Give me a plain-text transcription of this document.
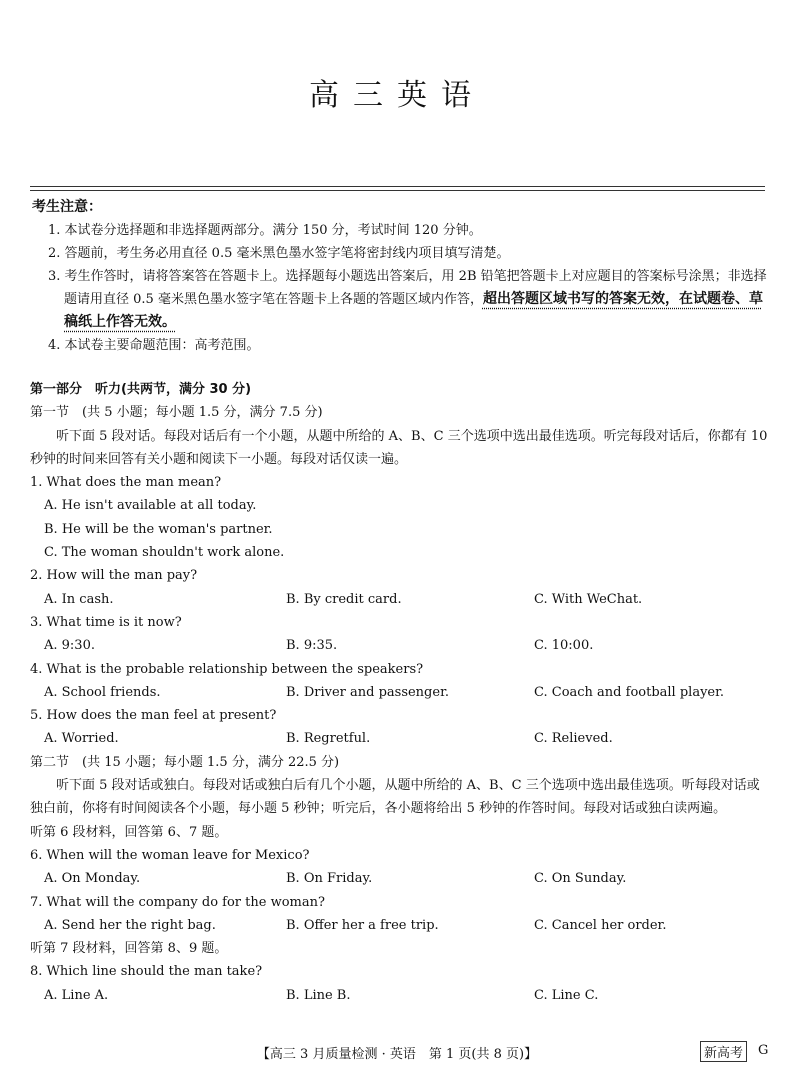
高三英语
考生注意：
1. 本试卷分选择题和非选择题两部分。满分 150 分，考试时间 120 分钟。
2. 答题前，考生务必用直径 0.5 毫米黑色墨水签字笔将密封线内项目填写清楚。
3. 考生作答时，请将答案答在答题卡上。选择题每小题选出答案后，用 2B 铅笔把答题卡上对应题目的答案标号涂黑；非选择题请用直径 0.5 毫米黑色墨水签字笔在答题卡上各题的答题区域内作答，超出答题区域书写的答案无效，在试题卷、草稿纸上作答无效。
4. 本试卷主要命题范围：高考范围。
第一部分　听力(共两节，满分 30 分)
第一节　(共 5 小题；每小题 1.5 分，满分 7.5 分)
听下面 5 段对话。每段对话后有一个小题，从题中所给的 A、B、C 三个选项中选出最佳选项。听完每段对话后，你都有 10 秒钟的时间来回答有关小题和阅读下一小题。每段对话仅读一遍。
1. What does the man mean?
A. He isn't available at all today.
B. He will be the woman's partner.
C. The woman shouldn't work alone.
2. How will the man pay?
A. In cash.	B. By credit card.	C. With WeChat.
3. What time is it now?
A. 9:30.	B. 9:35.	C. 10:00.
4. What is the probable relationship between the speakers?
A. School friends.	B. Driver and passenger.	C. Coach and football player.
5. How does the man feel at present?
A. Worried.	B. Regretful.	C. Relieved.
第二节　(共 15 小题；每小题 1.5 分，满分 22.5 分)
听下面 5 段对话或独白。每段对话或独白后有几个小题，从题中所给的 A、B、C 三个选项中选出最佳选项。听每段对话或独白前，你将有时间阅读各个小题，每小题 5 秒钟；听完后，各小题将给出 5 秒钟的作答时间。每段对话或独白读两遍。
听第 6 段材料，回答第 6、7 题。
6. When will the woman leave for Mexico?
A. On Monday.	B. On Friday.	C. On Sunday.
7. What will the company do for the woman?
A. Send her the right bag.	B. Offer her a free trip.	C. Cancel her order.
听第 7 段材料，回答第 8、9 题。
8. Which line should the man take?
A. Line A.	B. Line B.	C. Line C.
【高三 3 月质量检测 · 英语　第 1 页(共 8 页)】	新高考	G
